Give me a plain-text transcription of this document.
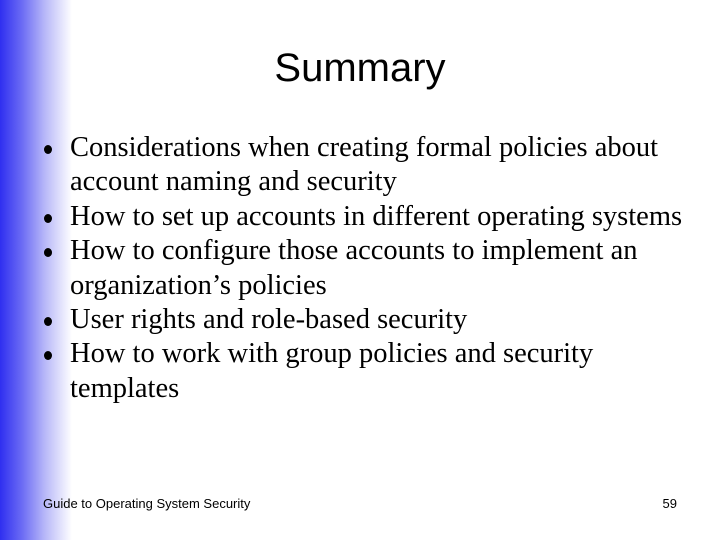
Summary
Considerations when creating formal policies about account naming and security
How to set up accounts in different operating systems
How to configure those accounts to implement an organization’s policies
User rights and role-based security
How to work with group policies and security templates
Guide to Operating System Security	59
